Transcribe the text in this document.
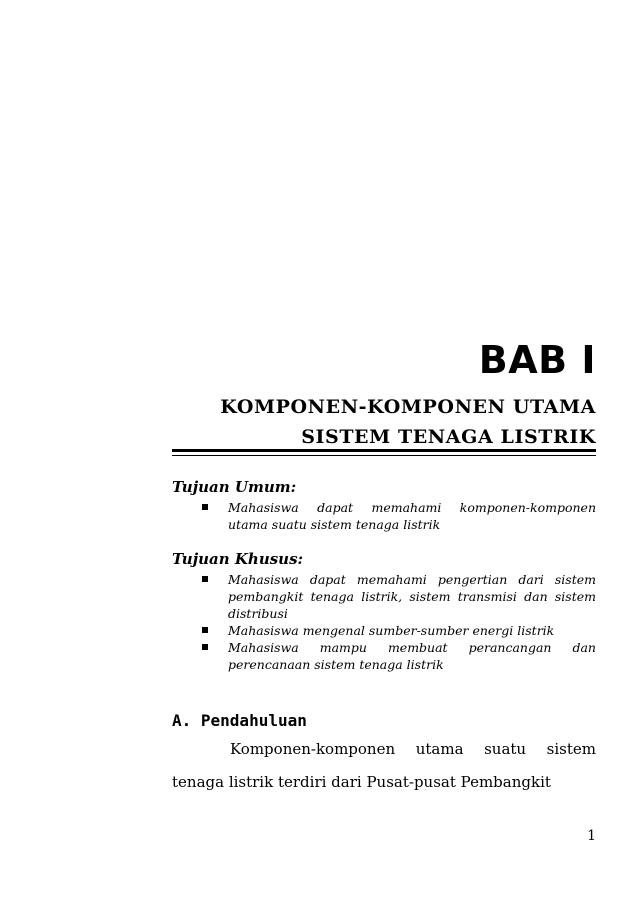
BAB I
KOMPONEN-KOMPONEN UTAMA
SISTEM TENAGA LISTRIK
Tujuan Umum:
Mahasiswa dapat memahami komponen-komponen utama suatu sistem tenaga listrik
Tujuan Khusus:
Mahasiswa dapat memahami pengertian dari sistem pembangkit tenaga listrik, sistem transmisi dan sistem distribusi
Mahasiswa mengenal sumber-sumber energi listrik
Mahasiswa mampu membuat perancangan dan perencanaan sistem tenaga listrik
A. Pendahuluan

Komponen-komponen utama suatu sistem tenaga listrik terdiri dari Pusat-pusat Pembangkit

1
